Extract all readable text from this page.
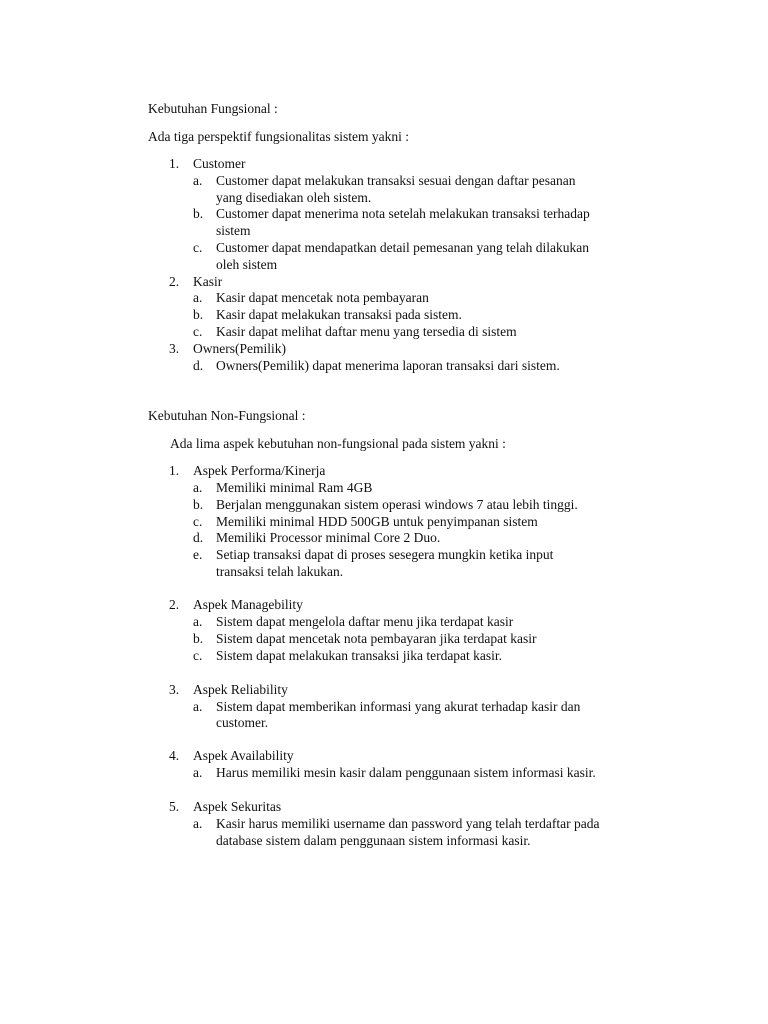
Kebutuhan Fungsional :
Ada tiga perspektif fungsionalitas sistem yakni :
1. Customer
a. Customer dapat melakukan transaksi sesuai dengan daftar pesanan
yang disediakan oleh sistem.
b. Customer dapat menerima nota setelah melakukan transaksi terhadap
sistem
c. Customer dapat mendapatkan detail pemesanan yang telah dilakukan
oleh sistem
2. Kasir
a. Kasir dapat mencetak nota pembayaran
b. Kasir dapat melakukan transaksi pada sistem.
c. Kasir dapat melihat daftar menu yang tersedia di sistem
3. Owners(Pemilik)
d. Owners(Pemilik) dapat menerima laporan transaksi dari sistem.
Kebutuhan Non-Fungsional :
Ada lima aspek kebutuhan non-fungsional pada sistem yakni :
1. Aspek Performa/Kinerja
a. Memiliki minimal Ram 4GB
b. Berjalan menggunakan sistem operasi windows 7 atau lebih tinggi.
c. Memiliki minimal HDD 500GB untuk penyimpanan sistem
d. Memiliki Processor minimal Core 2 Duo.
e. Setiap transaksi dapat di proses sesegera mungkin ketika input
transaksi telah lakukan.
2. Aspek Managebility
a. Sistem dapat mengelola daftar menu jika terdapat kasir
b. Sistem dapat mencetak nota pembayaran jika terdapat kasir
c. Sistem dapat melakukan transaksi jika terdapat kasir.
3. Aspek Reliability
a. Sistem dapat memberikan informasi yang akurat terhadap kasir dan
customer.
4. Aspek Availability
a. Harus memiliki mesin kasir dalam penggunaan sistem informasi kasir.
5. Aspek Sekuritas
a. Kasir harus memiliki username dan password yang telah terdaftar pada
database sistem dalam penggunaan sistem informasi kasir.
